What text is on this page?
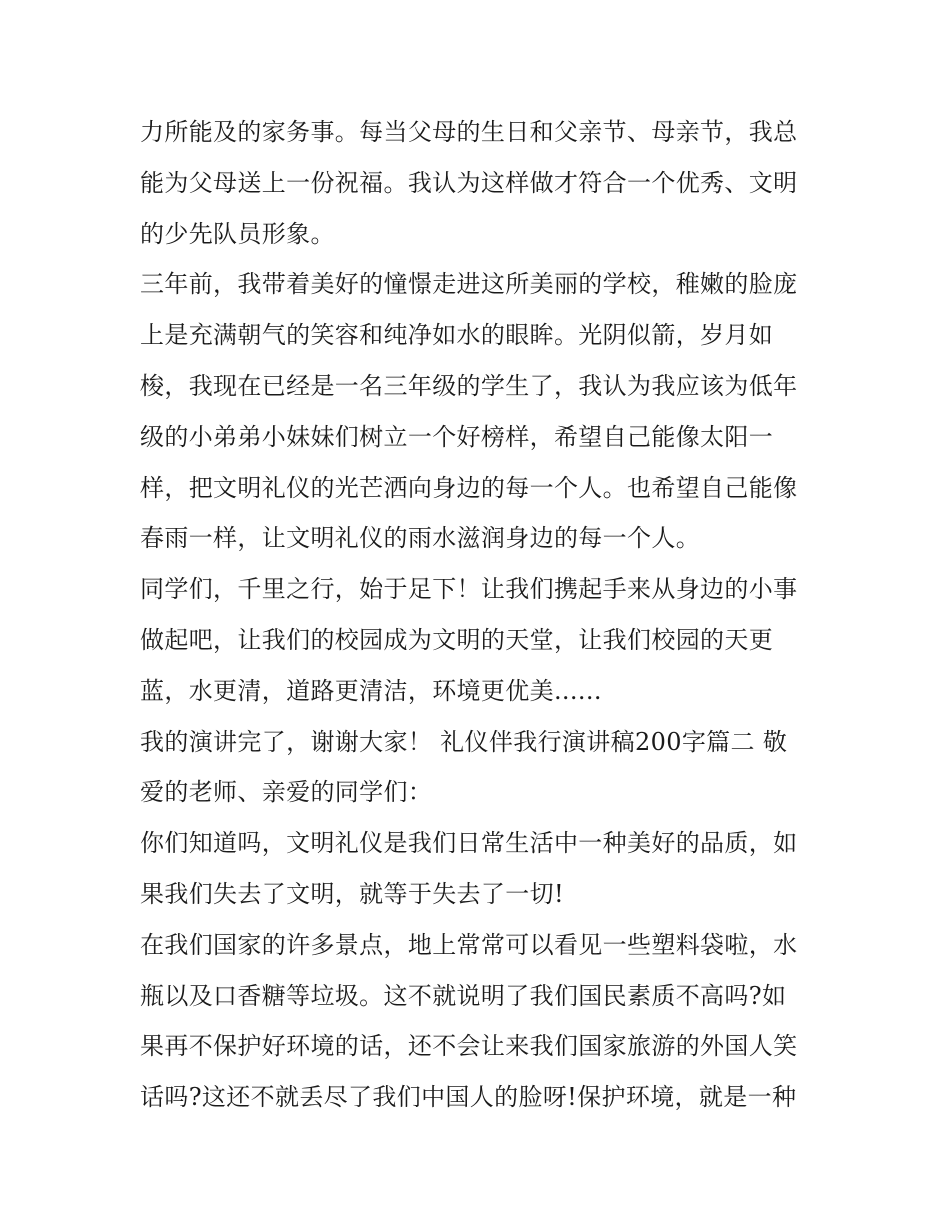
力所能及的家务事。每当父母的生日和父亲节、母亲节，我总
能为父母送上一份祝福。我认为这样做才符合一个优秀、文明
的少先队员形象。
三年前，我带着美好的憧憬走进这所美丽的学校，稚嫩的脸庞
上是充满朝气的笑容和纯净如水的眼眸。光阴似箭，岁月如
梭，我现在已经是一名三年级的学生了，我认为我应该为低年
级的小弟弟小妹妹们树立一个好榜样，希望自己能像太阳一
样，把文明礼仪的光芒洒向身边的每一个人。也希望自己能像
春雨一样，让文明礼仪的雨水滋润身边的每一个人。
同学们，千里之行，始于足下！让我们携起手来从身边的小事
做起吧，让我们的校园成为文明的天堂，让我们校园的天更
蓝，水更清，道路更清洁，环境更优美......
我的演讲完了，谢谢大家！ 礼仪伴我行演讲稿200字篇二 敬
爱的老师、亲爱的同学们：
你们知道吗，文明礼仪是我们日常生活中一种美好的品质，如
果我们失去了文明，就等于失去了一切!
在我们国家的许多景点，地上常常可以看见一些塑料袋啦，水
瓶以及口香糖等垃圾。这不就说明了我们国民素质不高吗?如
果再不保护好环境的话，还不会让来我们国家旅游的外国人笑
话吗?这还不就丢尽了我们中国人的脸呀!保护环境，就是一种
